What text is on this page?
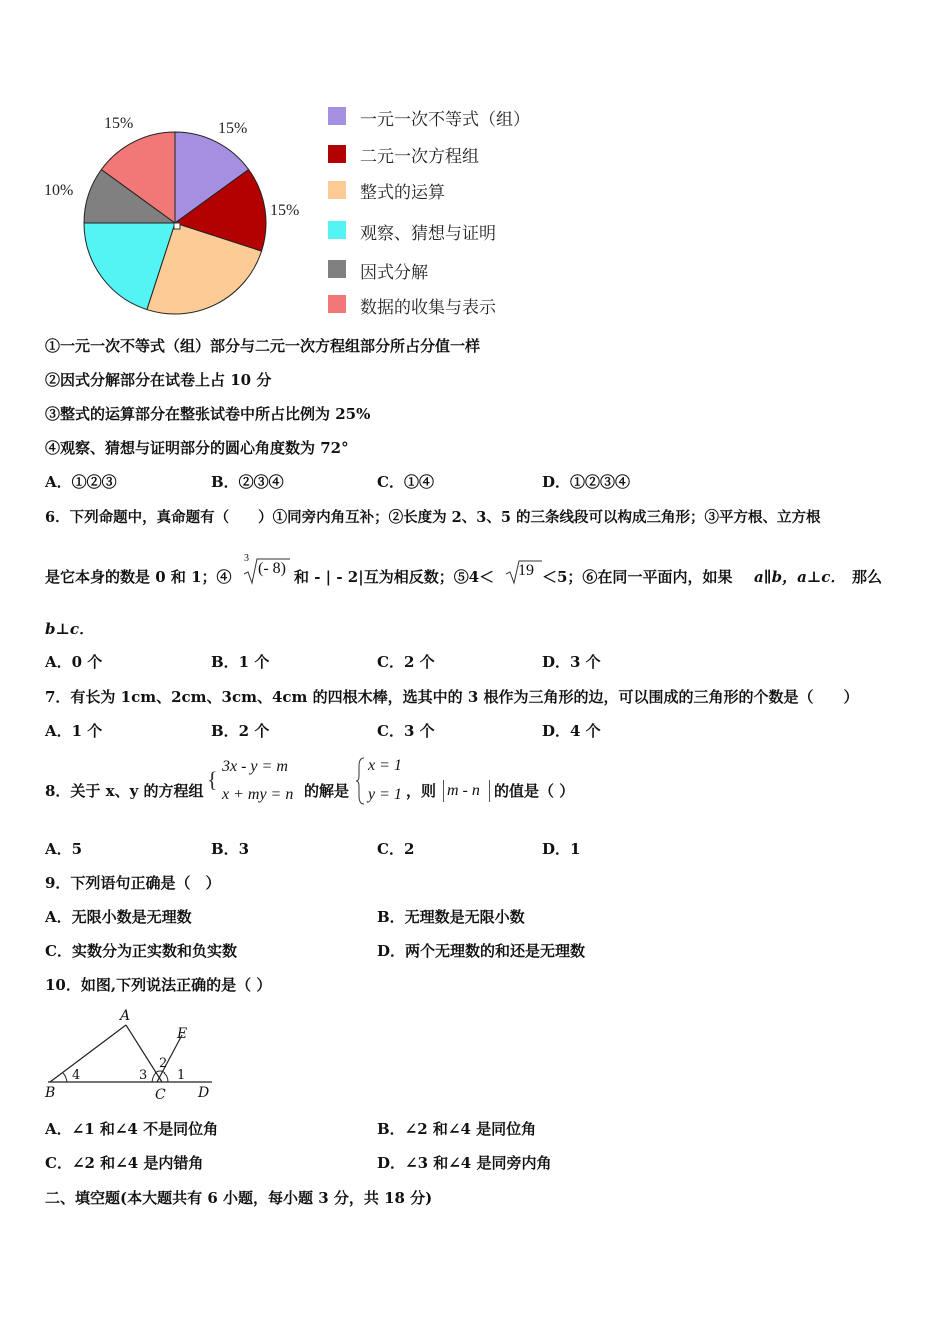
15%	15%
15%
10%
一元一次不等式（组）
二元一次方程组
整式的运算
观察、猜想与证明
因式分解
数据的收集与表示
①一元一次不等式（组）部分与二元一次方程组部分所占分值一样
②因式分解部分在试卷上占 10 分
③整式的运算部分在整张试卷中所占比例为 25%
④观察、猜想与证明部分的圆心角度数为 72°
A．①②③	B．②③④	C．①④	D．①②③④
6．下列命题中，真命题有（　　）①同旁内角互补；②长度为 2、3、5 的三条线段可以构成三角形；③平方根、立方根
是它本身的数是 0 和 1；④
3
(- 8) 和 - | - 2|互为相反数；⑤4＜ 19 ＜5；⑥在同一平面内，如果 a∥b，a⊥c． 那么
b⊥c．
A．0 个	B．1 个	C．2 个	D．3 个
7．有长为 1cm、2cm、3cm、4cm 的四根木棒，选其中的 3 根作为三角形的边，可以围成的三角形的个数是（　　）
A．1 个	B．2 个	C．3 个	D．4 个
8．关于 x、y 的方程组 {
3x - y = m
x + my = n 的解是
x = 1
y = 1 ，则 m - n 的值是（ ）
A．5	B．3	C．2	D．1
9．下列语句正确是（　）
A．无限小数是无理数	B．无理数是无限小数
C．实数分为正实数和负实数	D．两个无理数的和还是无理数
10．如图,下列说法正确的是（ ）
A
E
B	C D
4	3
2
1
A．∠1 和∠4 不是同位角	B．∠2 和∠4 是同位角
C．∠2 和∠4 是内错角	D．∠3 和∠4 是同旁内角
二、填空题(本大题共有 6 小题，每小题 3 分，共 18 分)
